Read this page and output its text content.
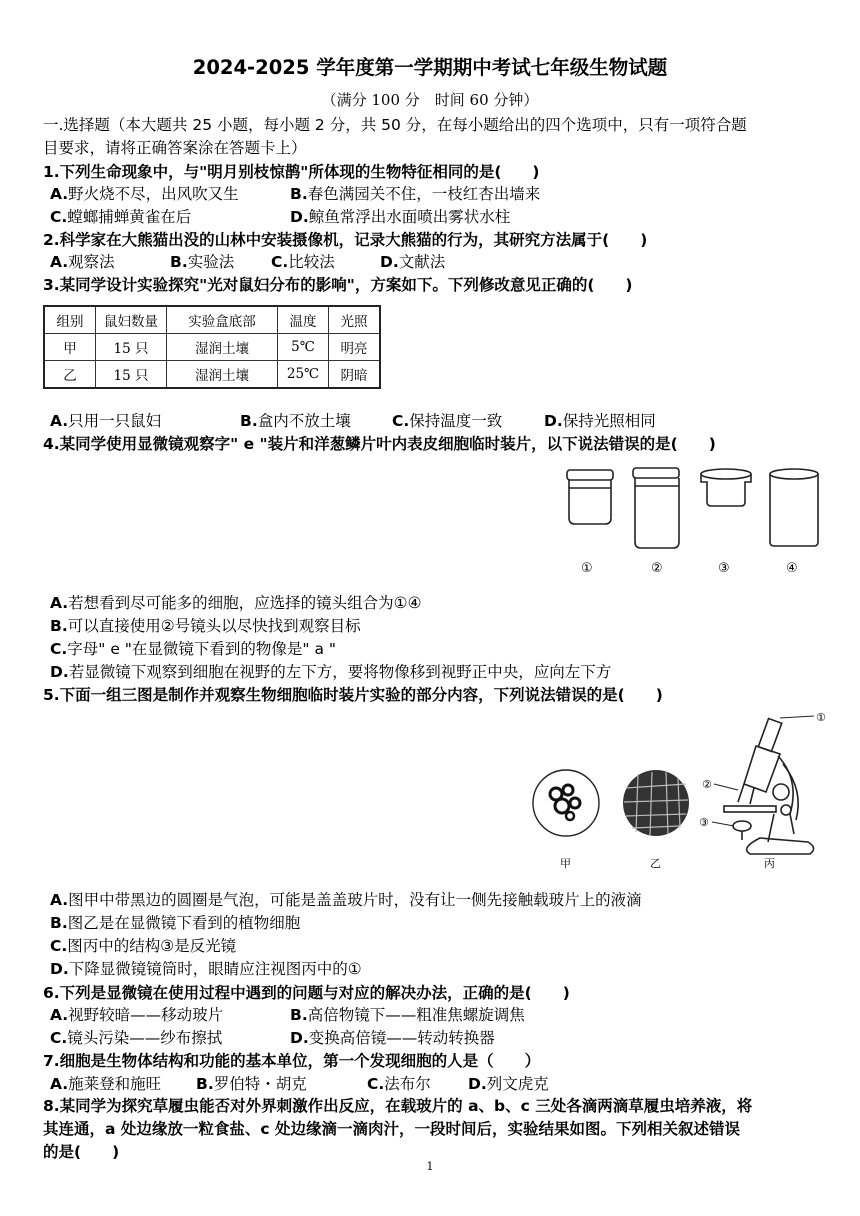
2024-2025 学年度第一学期期中考试七年级生物试题
（满分 100 分　时间 60 分钟）
一.选择题（本大题共 25 小题，每小题 2 分，共 50 分，在每小题给出的四个选项中，只有一项符合题
目要求，请将正确答案涂在答题卡上）
1.下列生命现象中，与"明月别枝惊鹊"所体现的生物特征相同的是(　　)
A.野火烧不尽，出风吹又生	B.春色满园关不住，一枝红杏出墙来
C.螳螂捕蝉黄雀在后	D.鲸鱼常浮出水面喷出雾状水柱
2.科学家在大熊猫出没的山林中安装摄像机，记录大熊猫的行为，其研究方法属于(　　)
A.观察法	B.实验法 C.比较法	D.文献法
3.某同学设计实验探究"光对鼠妇分布的影响"，方案如下。下列修改意见正确的(　　)
组别	鼠妇数量	实验盒底部	温度	光照
甲	15 只	湿润土壤	5℃	明亮
乙	15 只	湿润土壤	25℃	阴暗
A.只用一只鼠妇	B.盒内不放土壤	C.保持温度一致	D.保持光照相同
4.某同学使用显微镜观察字" e "装片和洋葱鳞片叶内表皮细胞临时装片，以下说法错误的是(　　)
①	②	③	④
A.若想看到尽可能多的细胞，应选择的镜头组合为①④
B.可以直接使用②号镜头以尽快找到观察目标
C.字母" e "在显微镜下看到的物像是" a "
D.若显微镜下观察到细胞在视野的左下方，要将物像移到视野正中央，应向左下方
5.下面一组三图是制作并观察生物细胞临时装片实验的部分内容，下列说法错误的是(　　)
①
②
③
甲	乙	丙
A.图甲中带黑边的圆圈是气泡，可能是盖盖玻片时，没有让一侧先接触载玻片上的液滴
B.图乙是在显微镜下看到的植物细胞
C.图丙中的结构③是反光镜
D.下降显微镜镜筒时，眼睛应注视图丙中的①
6.下列是显微镜在使用过程中遇到的问题与对应的解决办法，正确的是(　　)
A.视野较暗——移动玻片	B.高倍物镜下——粗准焦螺旋调焦
C.镜头污染——纱布擦拭	D.变换高倍镜——转动转换器
7.细胞是生物体结构和功能的基本单位，第一个发现细胞的人是（　　）
A.施莱登和施旺 B.罗伯特・胡克	C.法布尔 D.列文虎克
8.某同学为探究草履虫能否对外界刺激作出反应，在载玻片的 a、b、c 三处各滴两滴草履虫培养液，将
其连通，a 处边缘放一粒食盐、c 处边缘滴一滴肉汁，一段时间后，实验结果如图。下列相关叙述错误
的是(　　)
1
